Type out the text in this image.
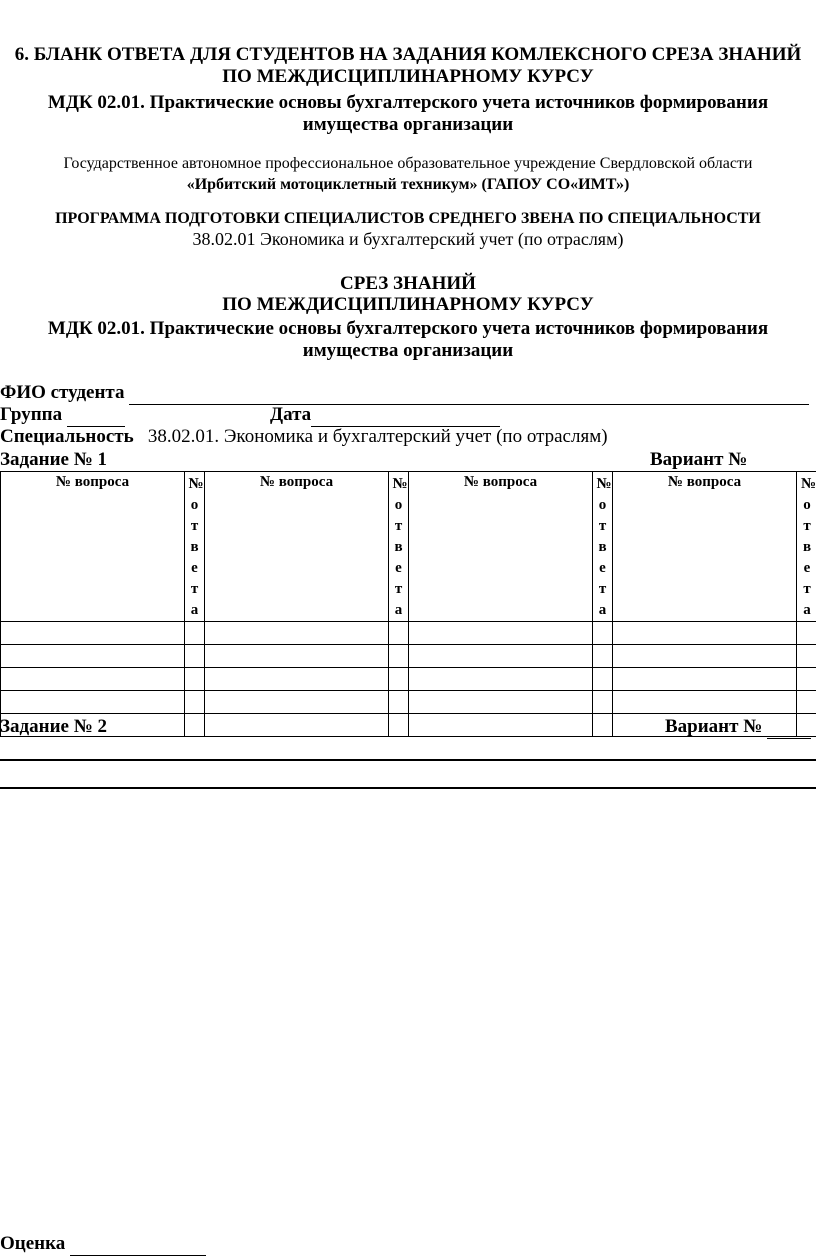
6. БЛАНК ОТВЕТА ДЛЯ СТУДЕНТОВ НА ЗАДАНИЯ КОМЛЕКСНОГО СРЕЗА ЗНАНИЙ
ПО МЕЖДИСЦИПЛИНАРНОМУ КУРСУ
МДК 02.01. Практические основы бухгалтерского учета источников формирования
имущества организации
Государственное автономное профессиональное образовательное учреждение Свердловской области
«Ирбитский мотоциклетный техникум» (ГАПОУ СО«ИМТ»)
ПРОГРАММА ПОДГОТОВКИ СПЕЦИАЛИСТОВ СРЕДНЕГО ЗВЕНА ПО СПЕЦИАЛЬНОСТИ
38.02.01 Экономика и бухгалтерский учет (по отраслям)
СРЕЗ ЗНАНИЙ
ПО МЕЖДИСЦИПЛИНАРНОМУ КУРСУ
МДК 02.01. Практические основы бухгалтерского учета источников формирования
имущества организации
ФИО студента
Группа	Дата
Специальность 38.02.01. Экономика и бухгалтерский учет (по отраслям)
Задание № 1	Вариант №
№ вопроса	№ ответа	№ вопроса	№ ответа	№ вопроса	№ ответа	№ вопроса	№ ответа

Задание № 2	Вариант №
Оценка
